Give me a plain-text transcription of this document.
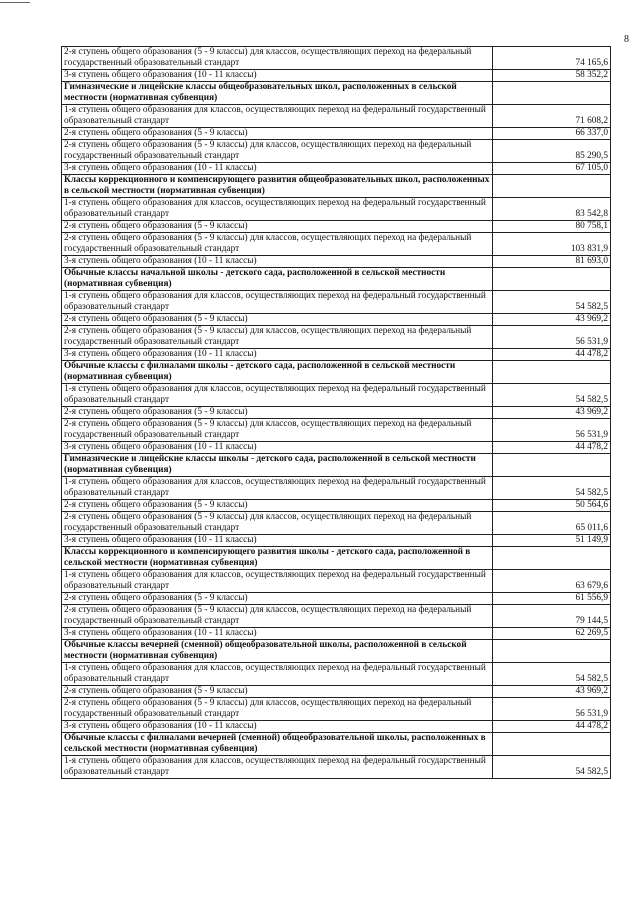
8
2-я ступень общего образования (5 - 9 классы) для классов, осуществляющих переход на федеральный государственный образовательный стандарт	74 165,6
3-я ступень общего образования (10 - 11 классы)	58 352,2
Гимназические и лицейские классы общеобразовательных школ, расположенных в сельской местности (нормативная субвенция)	
1-я ступень общего образования для классов, осуществляющих переход на федеральный государственный образовательный стандарт	71 608,2
2-я ступень общего образования (5 - 9 классы)	66 337,0
2-я ступень общего образования (5 - 9 классы) для классов, осуществляющих переход на федеральный государственный образовательный стандарт	85 290,5
3-я ступень общего образования (10 - 11 классы)	67 105,0
Классы коррекционного и компенсирующего развития общеобразовательных школ, расположенных в сельской местности (нормативная субвенция)	
1-я ступень общего образования для классов, осуществляющих переход на федеральный государственный образовательный стандарт	83 542,8
2-я ступень общего образования (5 - 9 классы)	80 758,1
2-я ступень общего образования (5 - 9 классы) для классов, осуществляющих переход на федеральный государственный образовательный стандарт	103 831,9
3-я ступень общего образования (10 - 11 классы)	81 693,0
Обычные классы начальной школы - детского сада, расположенной в сельской местности (нормативная субвенция)	
1-я ступень общего образования для классов, осуществляющих переход на федеральный государственный образовательный стандарт	54 582,5
2-я ступень общего образования (5 - 9 классы)	43 969,2
2-я ступень общего образования (5 - 9 классы) для классов, осуществляющих переход на федеральный государственный образовательный стандарт	56 531,9
3-я ступень общего образования (10 - 11 классы)	44 478,2
Обычные классы с филиалами школы - детского сада, расположенной в сельской местности (нормативная субвенция)	
1-я ступень общего образования для классов, осуществляющих переход на федеральный государственный образовательный стандарт	54 582,5
2-я ступень общего образования (5 - 9 классы)	43 969,2
2-я ступень общего образования (5 - 9 классы) для классов, осуществляющих переход на федеральный государственный образовательный стандарт	56 531,9
3-я ступень общего образования (10 - 11 классы)	44 478,2
Гимназические и лицейские классы школы - детского сада, расположенной в сельской местности (нормативная субвенция)	
1-я ступень общего образования для классов, осуществляющих переход на федеральный государственный образовательный стандарт	54 582,5
2-я ступень общего образования (5 - 9 классы)	50 564,6
2-я ступень общего образования (5 - 9 классы) для классов, осуществляющих переход на федеральный государственный образовательный стандарт	65 011,6
3-я ступень общего образования (10 - 11 классы)	51 149,9
Классы коррекционного и компенсирующего развития школы - детского сада, расположенной в сельской местности (нормативная субвенция)	
1-я ступень общего образования для классов, осуществляющих переход на федеральный государственный образовательный стандарт	63 679,6
2-я ступень общего образования (5 - 9 классы)	61 556,9
2-я ступень общего образования (5 - 9 классы) для классов, осуществляющих переход на федеральный государственный образовательный стандарт	79 144,5
3-я ступень общего образования (10 - 11 классы)	62 269,5
Обычные классы вечерней (сменной) общеобразовательной школы, расположенной в сельской местности (нормативная субвенция)	
1-я ступень общего образования для классов, осуществляющих переход на федеральный государственный образовательный стандарт	54 582,5
2-я ступень общего образования (5 - 9 классы)	43 969,2
2-я ступень общего образования (5 - 9 классы) для классов, осуществляющих переход на федеральный государственный образовательный стандарт	56 531,9
3-я ступень общего образования (10 - 11 классы)	44 478,2
Обычные классы с филиалами вечерней (сменной) общеобразовательной школы, расположенных в сельской местности (нормативная субвенция)	
1-я ступень общего образования для классов, осуществляющих переход на федеральный государственный образовательный стандарт	54 582,5
